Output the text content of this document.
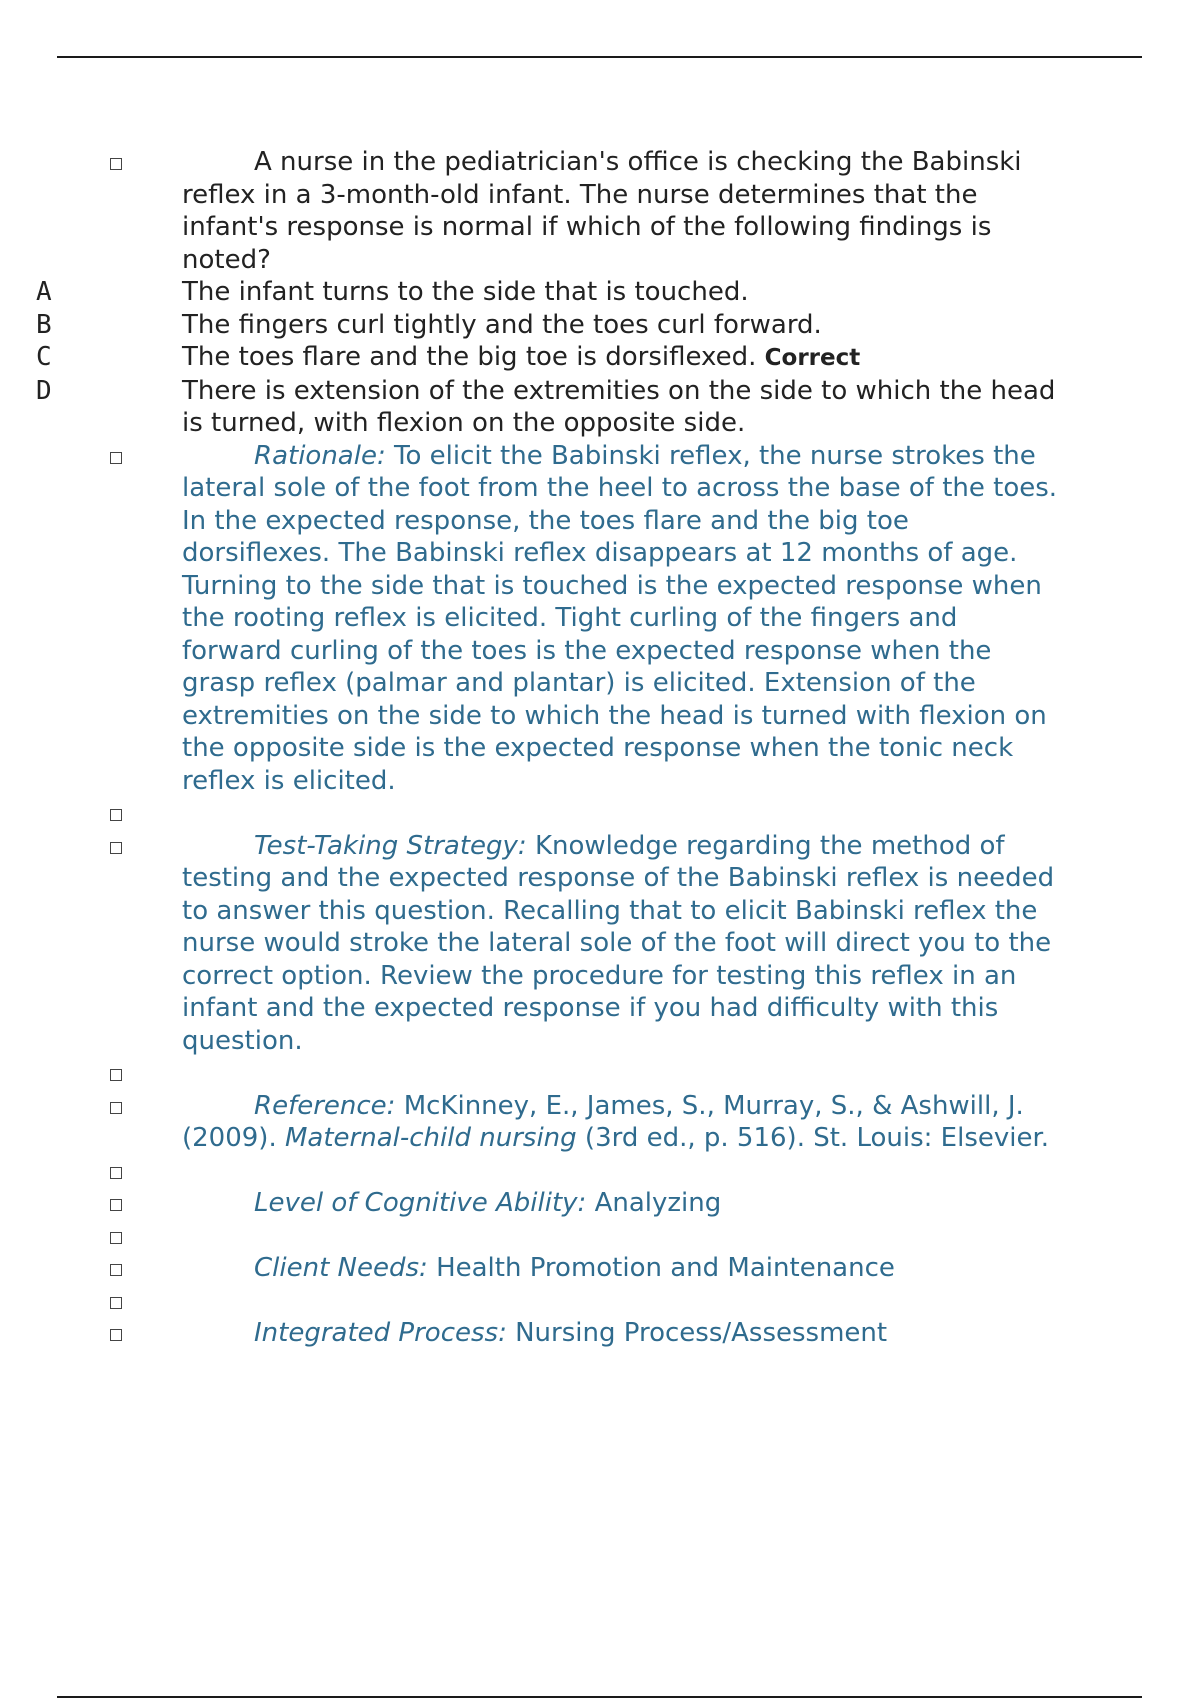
A nurse in the pediatrician's office is checking the Babinski reflex in a 3-month-old infant. The nurse determines that the infant's response is normal if which of the following findings is noted?
A	The infant turns to the side that is touched.
B	The fingers curl tightly and the toes curl forward.
C	The toes flare and the big toe is dorsiflexed. Correct
D	There is extension of the extremities on the side to which the head is turned, with flexion on the opposite side.
Rationale: To elicit the Babinski reflex, the nurse strokes the lateral sole of the foot from the heel to across the base of the toes. In the expected response, the toes flare and the big toe dorsiflexes. The Babinski reflex disappears at 12 months of age. Turning to the side that is touched is the expected response when the rooting reflex is elicited. Tight curling of the fingers and forward curling of the toes is the expected response when the grasp reflex (palmar and plantar) is elicited. Extension of the extremities on the side to which the head is turned with flexion on the opposite side is the expected response when the tonic neck reflex is elicited.
Test-Taking Strategy: Knowledge regarding the method of testing and the expected response of the Babinski reflex is needed to answer this question. Recalling that to elicit Babinski reflex the nurse would stroke the lateral sole of the foot will direct you to the correct option. Review the procedure for testing this reflex in an infant and the expected response if you had difficulty with this question.
Reference: McKinney, E., James, S., Murray, S., & Ashwill, J. (2009). Maternal-child nursing (3rd ed., p. 516). St. Louis: Elsevier.
Level of Cognitive Ability: Analyzing
Client Needs: Health Promotion and Maintenance
Integrated Process: Nursing Process/Assessment
